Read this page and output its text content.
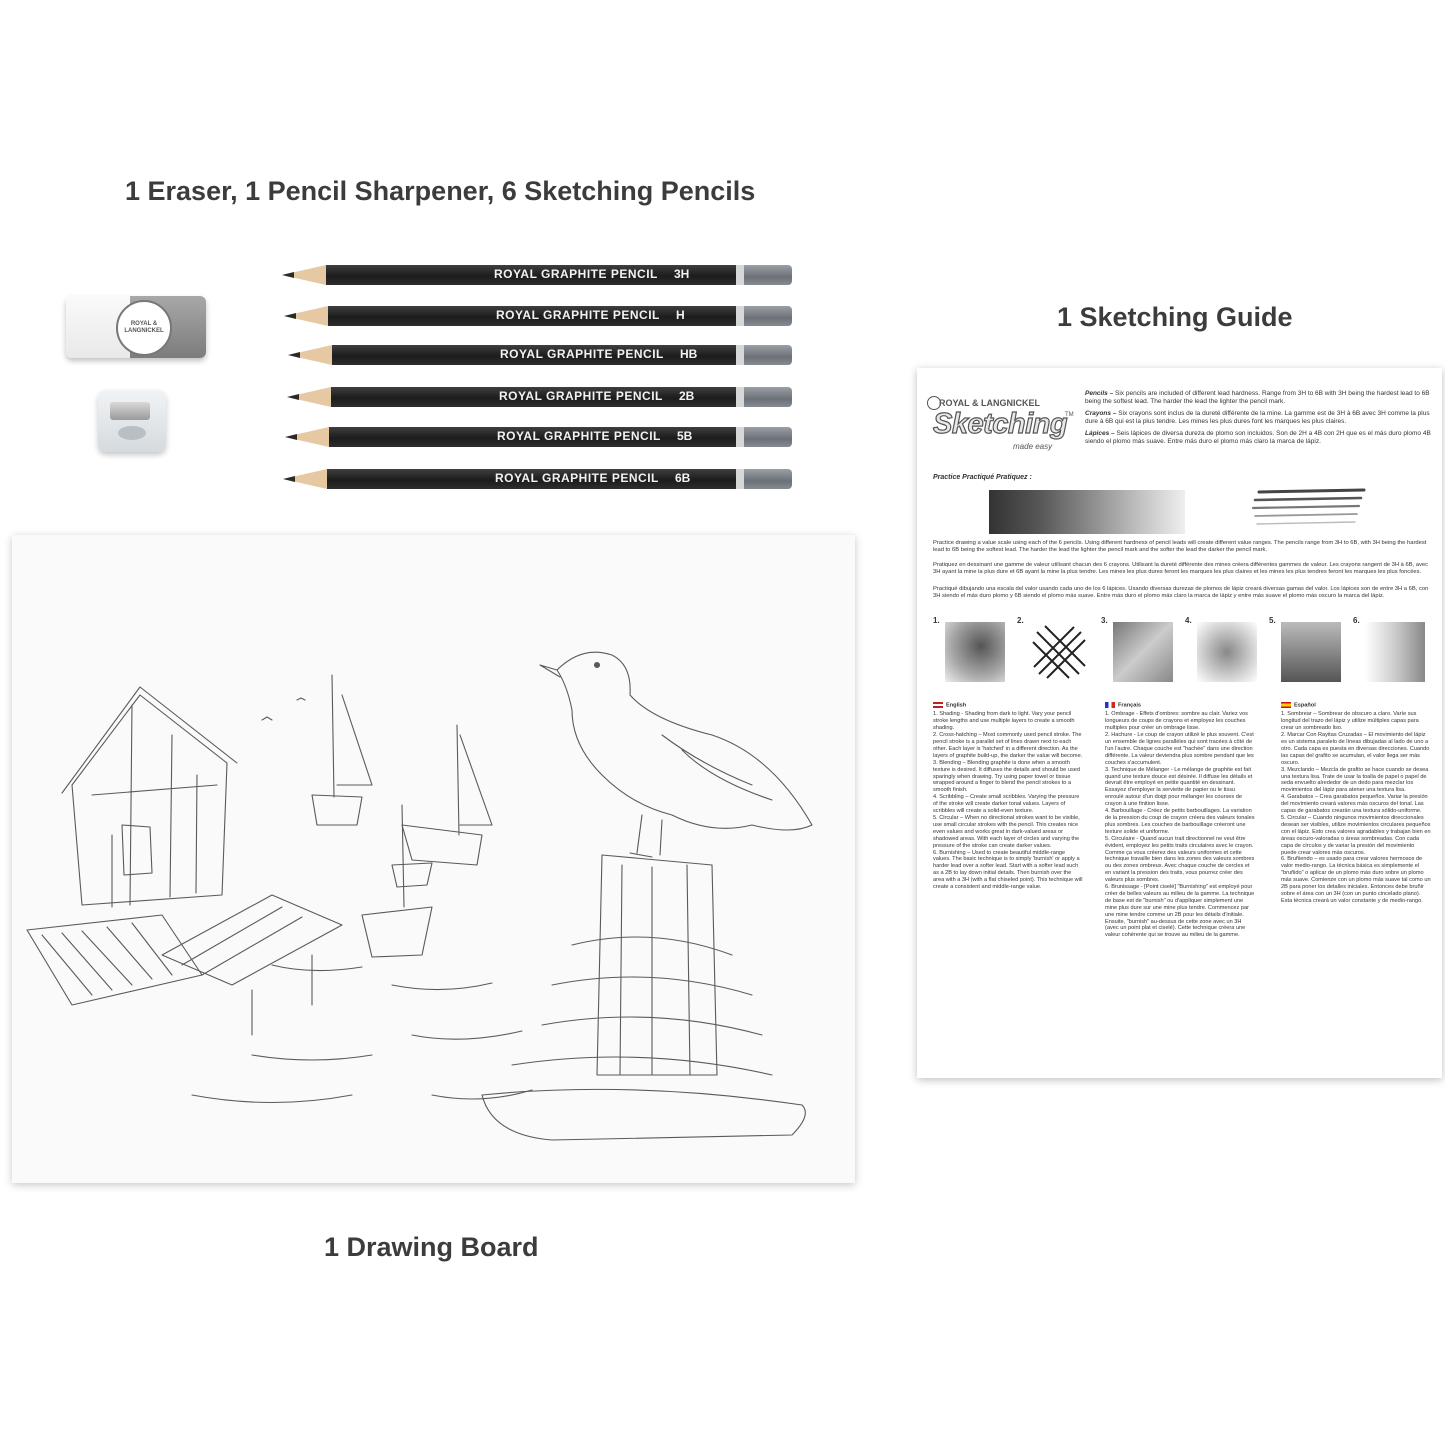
1 Eraser, 1 Pencil Sharpener, 6 Sketching Pencils
1 Sketching Guide
1 Drawing Board
ROYAL & LANGNICKEL
ROYAL GRAPHITE PENCIL 3H
ROYAL GRAPHITE PENCIL H
ROYAL GRAPHITE PENCIL HB
ROYAL GRAPHITE PENCIL 2B
ROYAL GRAPHITE PENCIL 5B
ROYAL GRAPHITE PENCIL 6B
ROYAL & LANGNICKEL
Sketching
TM
made easy

Pencils – Six pencils are included of different lead hardness. Range from 3H to 6B with 3H being the hardest lead to 6B being the softest lead. The harder the lead the lighter the pencil mark.

Crayons – Six crayons sont inclus de la dureté différente de la mine. La gamme est de 3H à 6B avec 3H comme la plus dure à 6B qui est la plus tendre. Les mines les plus dures font les marques les plus claires.

Lápices – Seis lápices de diversa dureza de plomo son incluidos. Son de 2H a 4B con 2H que es el más duro plomo 4B siendo el plomo más suave. Entre más duro el plomo más claro la marca de lápiz.

Practice Practiqué Pratiquez :
Practice drawing a value scale using each of the 6 pencils. Using different hardness of pencil leads will create different value ranges. The pencils range from 3H to 6B, with 3H being the hardest lead to 6B being the softest lead. The harder the lead the lighter the pencil mark and the softer the lead the darker the pencil mark.
Pratiquez en dessinant une gamme de valeur utilisant chacun des 6 crayons. Utilisant la dureté différente des mines créera différentes gammes de valeur. Les crayons rangent de 3H à 6B, avec 3H ayant la mine la plus dure et 6B ayant la mine la plus tendre. Les mines les plus dures feront les marques les plus claires et les mines les plus tendres feront les marques les plus foncées.
Practiqué dibujando una escala del valor usando cada uno de los 6 lápices. Usando diversas durezas de plomos de lápiz creará diversas gamas del valor. Los lápices son de entre 3H a 6B, con 3H siendo el más duro plomo y 6B siendo el plomo más suave. Entre más duro el plomo más claro la marca de lápiz y entre más suave el plomo más oscuro la marca del lápiz.
1.	2.	3.	4.	5.	6.
English

1. Shading - Shading from dark to light. Vary your pencil stroke lengths and use multiple layers to create a smooth shading.

2. Cross-hatching – Most commonly used pencil stroke. The pencil stroke is a parallel set of lines drawn next to each other. Each layer is 'hatched' in a different direction. As the layers of graphite build-up, the darker the value will become.

3. Blending – Blending graphite is done when a smooth texture is desired. It diffuses the details and should be used sparingly when drawing. Try using paper towel or tissue wrapped around a finger to blend the pencil strokes to a smooth finish.

4. Scribbling – Create small scribbles. Varying the pressure of the stroke will create darker tonal values. Layers of scribbles will create a solid-even texture.

5. Circular – When no directional strokes want to be visible, use small circular strokes with the pencil. This creates nice even values and works great in dark-valued areas or shadowed areas. With each layer of circles and varying the pressure of the stroke can create darker values.

6. Burnishing – Used to create beautiful middle-range values. The basic technique is to simply 'burnish' or apply a harder lead over a softer lead. Start with a softer lead such as a 2B to lay down initial details. Then burnish over the area with a 3H (with a flat chiseled point). This technique will create a consistent and middle-range value.

Français

1. Ombrage - Effets d'ombres: sombre au clair. Variez vos longueurs de coups de crayons et employez les couches multiples pour créer un ombrage lisse.

2. Hachure - Le coup de crayon utilizé le plus souvent. C'est un ensemble de lignes parallèles qui sont tracées à côté de l'un l'autre. Chaque couche est "hachée" dans une direction différente. La valeur deviendra plus sombre pendant que les couches s'accumulent.

3. Technique de Mélanger - Le mélange de graphite est fait quand une texture douce est désirée. Il diffuse les détails et devrait être employé en petite quantité en dessinant. Essayez d'employer la serviette de papier ou le tissu enroulé autour d'un doigt pour mélanger les courses de crayon à une finition lisse.

4. Barbouillage - Créez de petits barbouillages. La variation de la pression du coup de crayon créera des valeurs tonales plus sombres. Les couches de barbouillage créeront une texture solide et uniforme.

5. Circulaire - Quand aucun trait directionnel ne veut être évident, employez les petits traits circulaires avec le crayon. Comme ça vous créerez des valeurs uniformes et cette technique travaille bien dans les zones des valeurs sombres ou des zones ombreux. Avec chaque couche de cercles et en variant la pression des traits, vous pourrez créer des valeurs plus sombres.

6. Brunissage - [Point ciselé] "Burnishing" est employé pour créer de belles valeurs au milieu de la gamme. La technique de base est de "burnish" ou d'appliquer simplement une mine plus dure sur une mine plus tendre. Commencez par une mine tendre comme un 2B pour les détails d'initiale. Ensuite, "burnish" au-dessus de cette zone avec un 3H (avec un point plat et ciselé). Cette technique créera une valeur cohérente qui se trouve au milieu de la gamme.

Español

1. Sombrear – Sombrear de obscuro a claro. Varíe sus longitud del trazo del lápiz y utilize múltiples capas para crear un sombreado liso.

2. Marcar Con Rayitas Cruzadas – El movimiento del lápiz es un sistema paralelo de líneas dibujadas al lado de uno a otro. Cada capa es puesta en diversas direcciones. Cuando las capas del grafito se acumulan, el valor llega ser más oscuro.

3. Mezclando – Mezcla de grafito se hace cuando se desea una textura lisa. Trate de usar la toalla de papel o papel de seda envuelto alrededor de un dedo para mezclar los movimientos del lápiz para atener una textura lisa.

4. Garabatos – Crea garabatos pequeños. Variar la presión del movimiento creará valores más oscuros del tonal. Las capas de garabatos crearán una textura sólido-uniforme.

5. Circular – Cuando ningunos movimientos direccionales desean ser visibles, utilize movimientos circulares pequeños con el lápiz. Esto crea valores agradables y trabajan bien en áreas oscuro-valoradas o áreas sombreadas. Con cada capa de círculos y de variar la presión del movimiento puede crear valores más oscuros.

6. Bruñiendo – es usado para crear valores hermosos de valor medio-rango. La técnica básica es simplemente el "bruñido" o aplicar de un plomo más duro sobre un plomo más suave. Comienze con un plomo más suave tal como un 2B para poner los detalles iniciales. Entonces debe bruñir sobre el área con un 3H (con un punto cincelado plano). Esta técnica creará un valor constante y de medio-rango.
